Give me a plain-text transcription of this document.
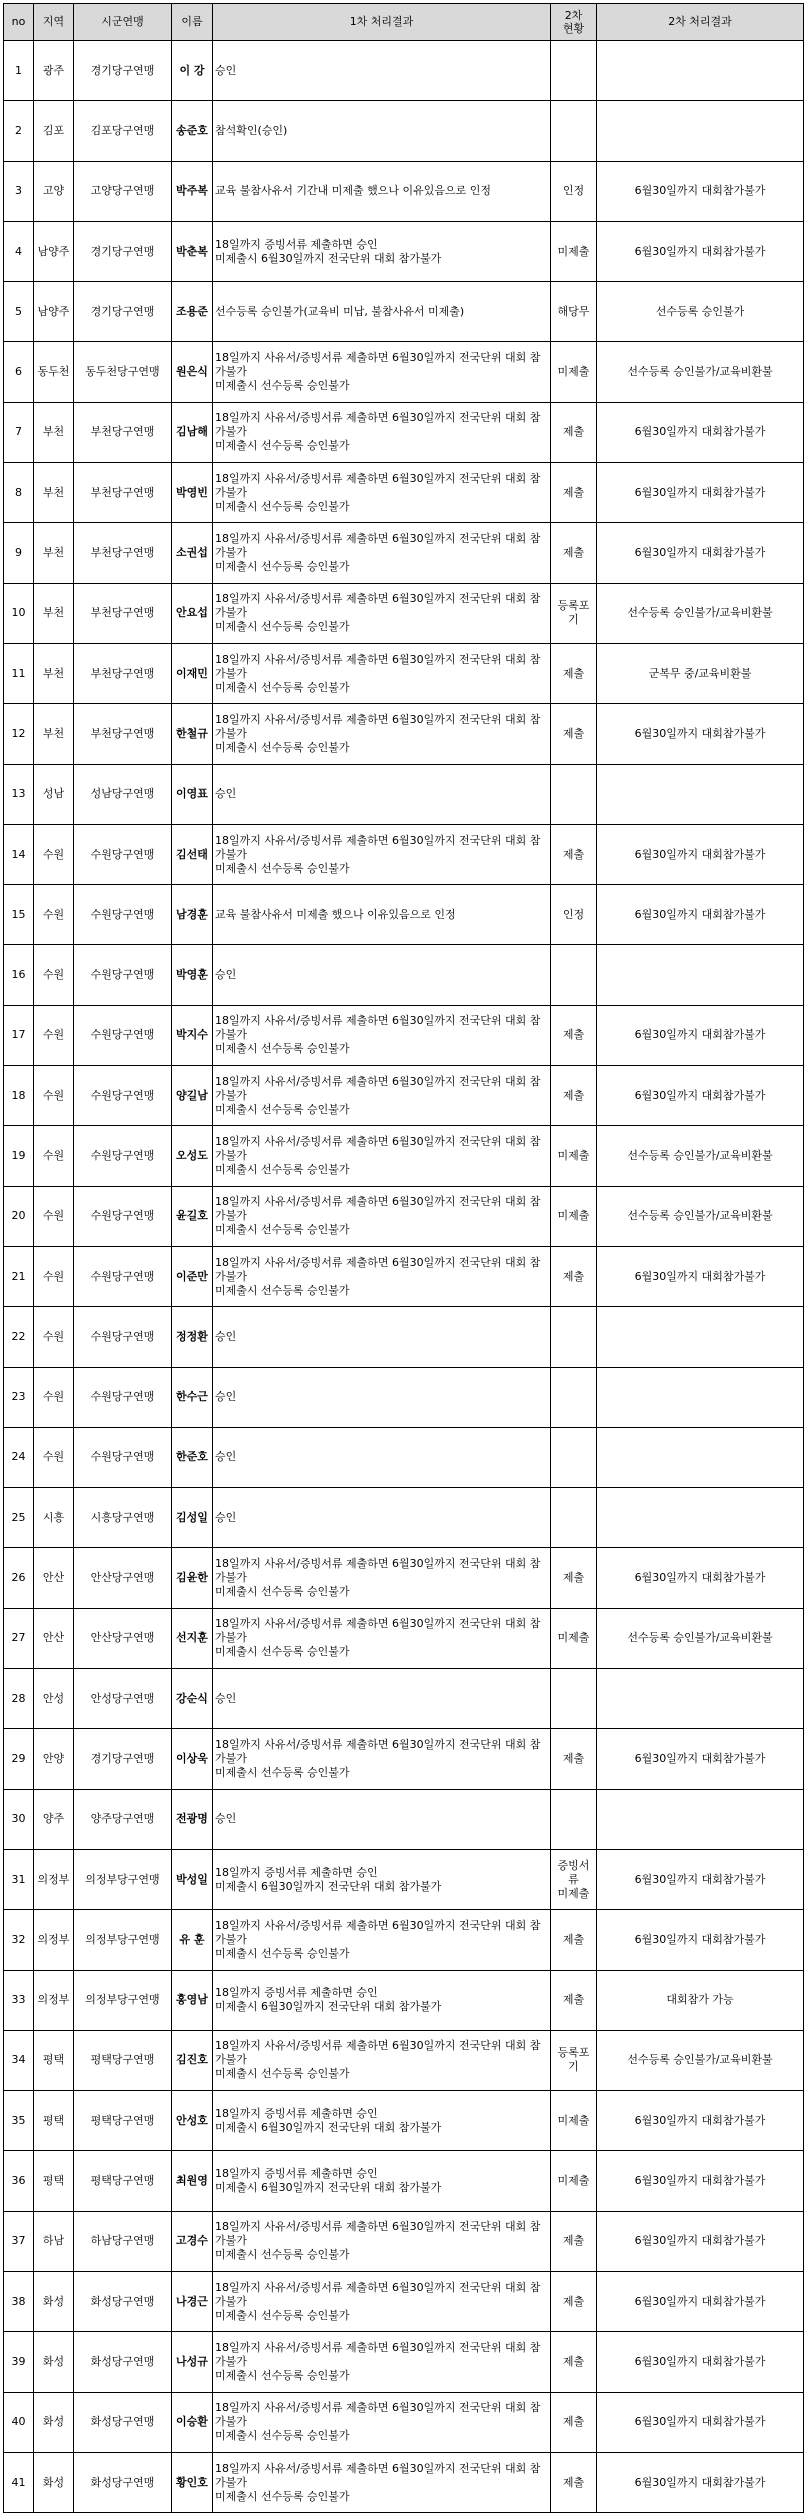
no	지역	시군연맹	이름	1차 처리결과	2차
현황	2차 처리결과
1	광주	경기당구연맹	이 강	승인		
2	김포	김포당구연맹	송준호	참석확인(승인)		
3	고양	고양당구연맹	박주복	교육 불참사유서 기간내 미제출 했으나 이유있음으로 인정	인정	6월30일까지 대회참가불가
4	남양주	경기당구연맹	박춘복	18일까지 증빙서류 제출하면 승인
미제출시 6월30일까지 전국단위 대회 참가불가	미제출	6월30일까지 대회참가불가
5	남양주	경기당구연맹	조용준	선수등록 승인불가(교육비 미납, 불참사유서 미제출)	해당무	선수등록 승인불가
6	동두천	동두천당구연맹	원은식	18일까지 사유서/증빙서류 제출하면 6월30일까지 전국단위 대회 참가불가
미제출시 선수등록 승인불가	미제출	선수등록 승인불가/교육비환불
7	부천	부천당구연맹	김남해	18일까지 사유서/증빙서류 제출하면 6월30일까지 전국단위 대회 참가불가
미제출시 선수등록 승인불가	제출	6월30일까지 대회참가불가
8	부천	부천당구연맹	박영빈	18일까지 사유서/증빙서류 제출하면 6월30일까지 전국단위 대회 참가불가
미제출시 선수등록 승인불가	제출	6월30일까지 대회참가불가
9	부천	부천당구연맹	소권섭	18일까지 사유서/증빙서류 제출하면 6월30일까지 전국단위 대회 참가불가
미제출시 선수등록 승인불가	제출	6월30일까지 대회참가불가
10	부천	부천당구연맹	안요섭	18일까지 사유서/증빙서류 제출하면 6월30일까지 전국단위 대회 참가불가
미제출시 선수등록 승인불가	등록포기	선수등록 승인불가/교육비환불
11	부천	부천당구연맹	이재민	18일까지 사유서/증빙서류 제출하면 6월30일까지 전국단위 대회 참가불가
미제출시 선수등록 승인불가	제출	군복무 중/교육비환불
12	부천	부천당구연맹	한철규	18일까지 사유서/증빙서류 제출하면 6월30일까지 전국단위 대회 참가불가
미제출시 선수등록 승인불가	제출	6월30일까지 대회참가불가
13	성남	성남당구연맹	이영표	승인		
14	수원	수원당구연맹	김선태	18일까지 사유서/증빙서류 제출하면 6월30일까지 전국단위 대회 참가불가
미제출시 선수등록 승인불가	제출	6월30일까지 대회참가불가
15	수원	수원당구연맹	남경훈	교육 불참사유서 미제출 했으나 이유있음으로 인정	인정	6월30일까지 대회참가불가
16	수원	수원당구연맹	박영훈	승인		
17	수원	수원당구연맹	박지수	18일까지 사유서/증빙서류 제출하면 6월30일까지 전국단위 대회 참가불가
미제출시 선수등록 승인불가	제출	6월30일까지 대회참가불가
18	수원	수원당구연맹	양길남	18일까지 사유서/증빙서류 제출하면 6월30일까지 전국단위 대회 참가불가
미제출시 선수등록 승인불가	제출	6월30일까지 대회참가불가
19	수원	수원당구연맹	오성도	18일까지 사유서/증빙서류 제출하면 6월30일까지 전국단위 대회 참가불가
미제출시 선수등록 승인불가	미제출	선수등록 승인불가/교육비환불
20	수원	수원당구연맹	윤길호	18일까지 사유서/증빙서류 제출하면 6월30일까지 전국단위 대회 참가불가
미제출시 선수등록 승인불가	미제출	선수등록 승인불가/교육비환불
21	수원	수원당구연맹	이준만	18일까지 사유서/증빙서류 제출하면 6월30일까지 전국단위 대회 참가불가
미제출시 선수등록 승인불가	제출	6월30일까지 대회참가불가
22	수원	수원당구연맹	정정환	승인		
23	수원	수원당구연맹	한수근	승인		
24	수원	수원당구연맹	한준호	승인		
25	시흥	시흥당구연맹	김성일	승인		
26	안산	안산당구연맹	김윤한	18일까지 사유서/증빙서류 제출하면 6월30일까지 전국단위 대회 참가불가
미제출시 선수등록 승인불가	제출	6월30일까지 대회참가불가
27	안산	안산당구연맹	선지훈	18일까지 사유서/증빙서류 제출하면 6월30일까지 전국단위 대회 참가불가
미제출시 선수등록 승인불가	미제출	선수등록 승인불가/교육비환불
28	안성	안성당구연맹	강순식	승인		
29	안양	경기당구연맹	이상욱	18일까지 사유서/증빙서류 제출하면 6월30일까지 전국단위 대회 참가불가
미제출시 선수등록 승인불가	제출	6월30일까지 대회참가불가
30	양주	양주당구연맹	전광명	승인		
31	의정부	의정부당구연맹	박성일	18일까지 증빙서류 제출하면 승인
미제출시 6월30일까지 전국단위 대회 참가불가	증빙서류
미제출	6월30일까지 대회참가불가
32	의정부	의정부당구연맹	유 훈	18일까지 사유서/증빙서류 제출하면 6월30일까지 전국단위 대회 참가불가
미제출시 선수등록 승인불가	제출	6월30일까지 대회참가불가
33	의정부	의정부당구연맹	홍영남	18일까지 증빙서류 제출하면 승인
미제출시 6월30일까지 전국단위 대회 참가불가	제출	대회참가 가능
34	평택	평택당구연맹	김진호	18일까지 사유서/증빙서류 제출하면 6월30일까지 전국단위 대회 참가불가
미제출시 선수등록 승인불가	등록포기	선수등록 승인불가/교육비환불
35	평택	평택당구연맹	안성호	18일까지 증빙서류 제출하면 승인
미제출시 6월30일까지 전국단위 대회 참가불가	미제출	6월30일까지 대회참가불가
36	평택	평택당구연맹	최원영	18일까지 증빙서류 제출하면 승인
미제출시 6월30일까지 전국단위 대회 참가불가	미제출	6월30일까지 대회참가불가
37	하남	하남당구연맹	고경수	18일까지 사유서/증빙서류 제출하면 6월30일까지 전국단위 대회 참가불가
미제출시 선수등록 승인불가	제출	6월30일까지 대회참가불가
38	화성	화성당구연맹	나경근	18일까지 사유서/증빙서류 제출하면 6월30일까지 전국단위 대회 참가불가
미제출시 선수등록 승인불가	제출	6월30일까지 대회참가불가
39	화성	화성당구연맹	나성규	18일까지 사유서/증빙서류 제출하면 6월30일까지 전국단위 대회 참가불가
미제출시 선수등록 승인불가	제출	6월30일까지 대회참가불가
40	화성	화성당구연맹	이승환	18일까지 사유서/증빙서류 제출하면 6월30일까지 전국단위 대회 참가불가
미제출시 선수등록 승인불가	제출	6월30일까지 대회참가불가
41	화성	화성당구연맹	황인호	18일까지 사유서/증빙서류 제출하면 6월30일까지 전국단위 대회 참가불가
미제출시 선수등록 승인불가	제출	6월30일까지 대회참가불가
